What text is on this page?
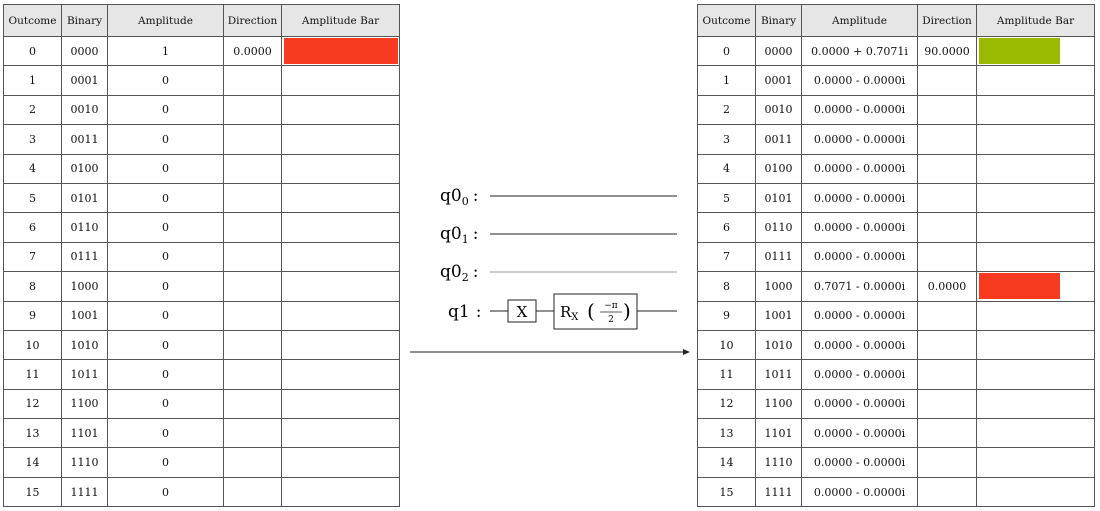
Outcome	Binary	Amplitude	Direction	Amplitude Bar
0	0000	1	0.0000	

1	0001	0		
2	0010	0		
3	0011	0		
4	0100	0		
5	0101	0		
6	0110	0		
7	0111	0		
8	1000	0		
9	1001	0		
10	1010	0		
11	1011	0		
12	1100	0		
13	1101	0		
14	1110	0		
15	1111	0		
$q0_0$ :
$q0_1$ :
$q0_2$ :
q1 : X $R_X$ ( −π
2 )
Outcome	Binary	Amplitude	Direction	Amplitude Bar
0	0000	0.0000 + 0.7071i	90.0000	

1	0001	0.0000 - 0.0000i		
2	0010	0.0000 - 0.0000i		
3	0011	0.0000 - 0.0000i		
4	0100	0.0000 - 0.0000i		
5	0101	0.0000 - 0.0000i		
6	0110	0.0000 - 0.0000i		
7	0111	0.0000 - 0.0000i		
8	1000	0.7071 - 0.0000i	0.0000	

9	1001	0.0000 - 0.0000i		
10	1010	0.0000 - 0.0000i		
11	1011	0.0000 - 0.0000i		
12	1100	0.0000 - 0.0000i		
13	1101	0.0000 - 0.0000i		
14	1110	0.0000 - 0.0000i		
15	1111	0.0000 - 0.0000i		
